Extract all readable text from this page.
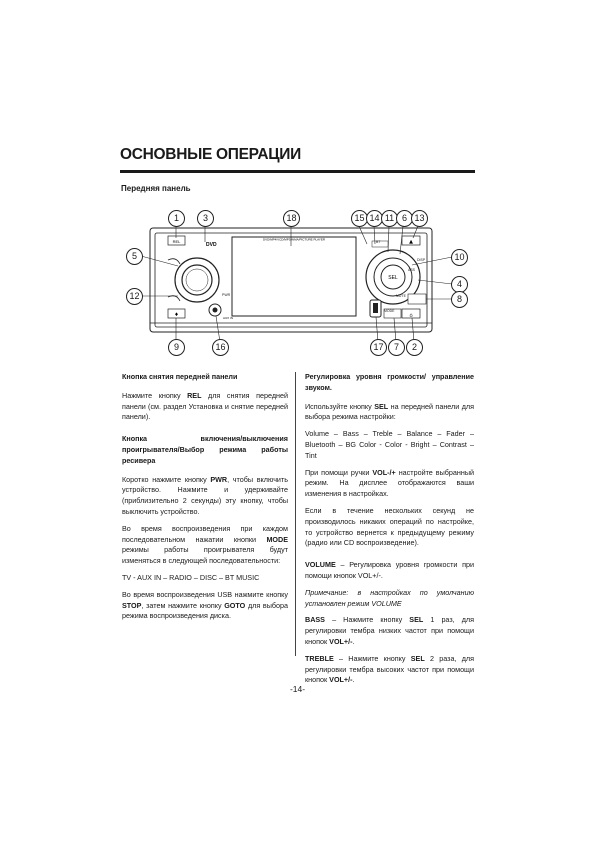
ОСНОВНЫЕ ОПЕРАЦИИ
Передняя панель
REL
♦
DVD
AUX IN
DVD/MP4/VCD/MP3/WMA/PICTURE PLAYER
SEL
▲
⌂
1	3	18	15 14 11 6 13
5	10
4
12	8
9	16	17	7	2
MUTE
MODE
PWR
ASS
DISP
BT

Кнопка снятия передней панели

Нажмите кнопку REL для снятия передней панели (см. раздел Установка и снятие передней панели).

Кнопка включения/выключения проигрывателя/Выбор режима работы ресивера

Коротко нажмите кнопку PWR, чтобы включить устройство. Нажмите и удерживайте (приблизительно 2 секунды) эту кнопку, чтобы выключить устройство.

Во время воспроизведения при каждом последовательном нажатии кнопки MODE режимы работы проигрывателя будут изменяться в следующей последовательности:

TV - AUX IN – RADIO – DISC – BT MUSIC

Во время воспроизведения USB нажмите кнопку STOP, затем нажмите кнопку GOTO для выбора режима воспроизведения диска.

Регулировка уровня громкости/ управление звуком.

Используйте кнопку SEL на передней панели для выбора режима настройки:

Volume – Bass – Treble – Balance – Fader – Bluetooth – BG Color - Color - Bright – Contrast – Tint

При помощи ручки VOL-/+ настройте выбранный режим. На дисплее отображаются ваши изменения в настройках.

Если в течение нескольких секунд не производилось никаких операций по настройке, то устройство вернется к предыдущему режиму (радио или CD воспроизведение).

VOLUME – Регулировка уровня громкости при помощи кнопок VOL+/-.

Примечание: в настройках по умолчанию установлен режим VOLUME

BASS – Нажмите кнопку SEL 1 раз, для регулировки тембра низких частот при помощи кнопок VOL+/-.

TREBLE – Нажмите кнопку SEL 2 раза, для регулировки тембра высоких частот при помощи кнопок VOL+/-.

-14-
